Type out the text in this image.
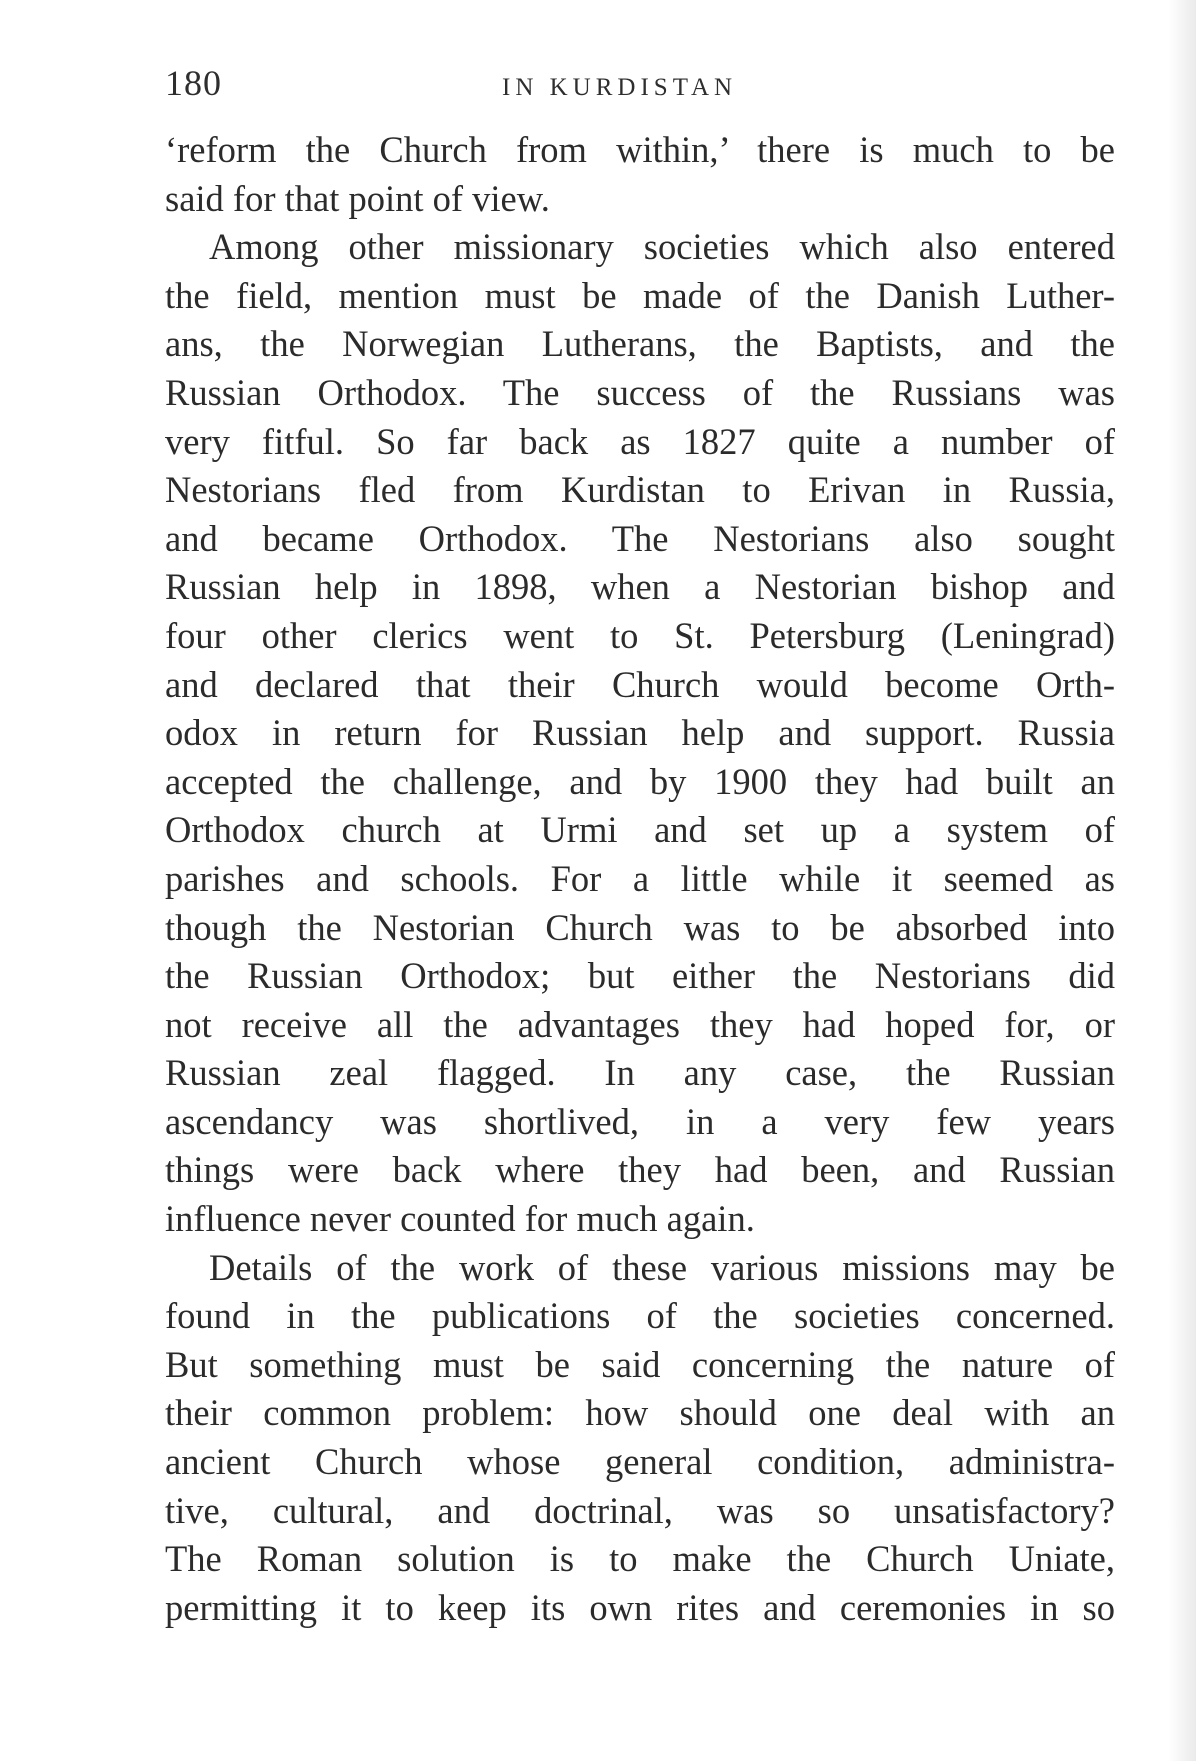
180	IN KURDISTAN
‘reform the Church from within,’ there is much to be
said for that point of view.
Among other missionary societies which also entered
the field, mention must be made of the Danish Luther-
ans, the Norwegian Lutherans, the Baptists, and the
Russian Orthodox. The success of the Russians was
very fitful. So far back as 1827 quite a number of
Nestorians fled from Kurdistan to Erivan in Russia,
and became Orthodox. The Nestorians also sought
Russian help in 1898, when a Nestorian bishop and
four other clerics went to St. Petersburg (Leningrad)
and declared that their Church would become Orth-
odox in return for Russian help and support. Russia
accepted the challenge, and by 1900 they had built an
Orthodox church at Urmi and set up a system of
parishes and schools. For a little while it seemed as
though the Nestorian Church was to be absorbed into
the Russian Orthodox; but either the Nestorians did
not receive all the advantages they had hoped for, or
Russian zeal flagged. In any case, the Russian
ascendancy was shortlived, in a very few years
things were back where they had been, and Russian
influence never counted for much again.
Details of the work of these various missions may be
found in the publications of the societies concerned.
But something must be said concerning the nature of
their common problem: how should one deal with an
ancient Church whose general condition, administra-
tive, cultural, and doctrinal, was so unsatisfactory?
The Roman solution is to make the Church Uniate,
permitting it to keep its own rites and ceremonies in so
